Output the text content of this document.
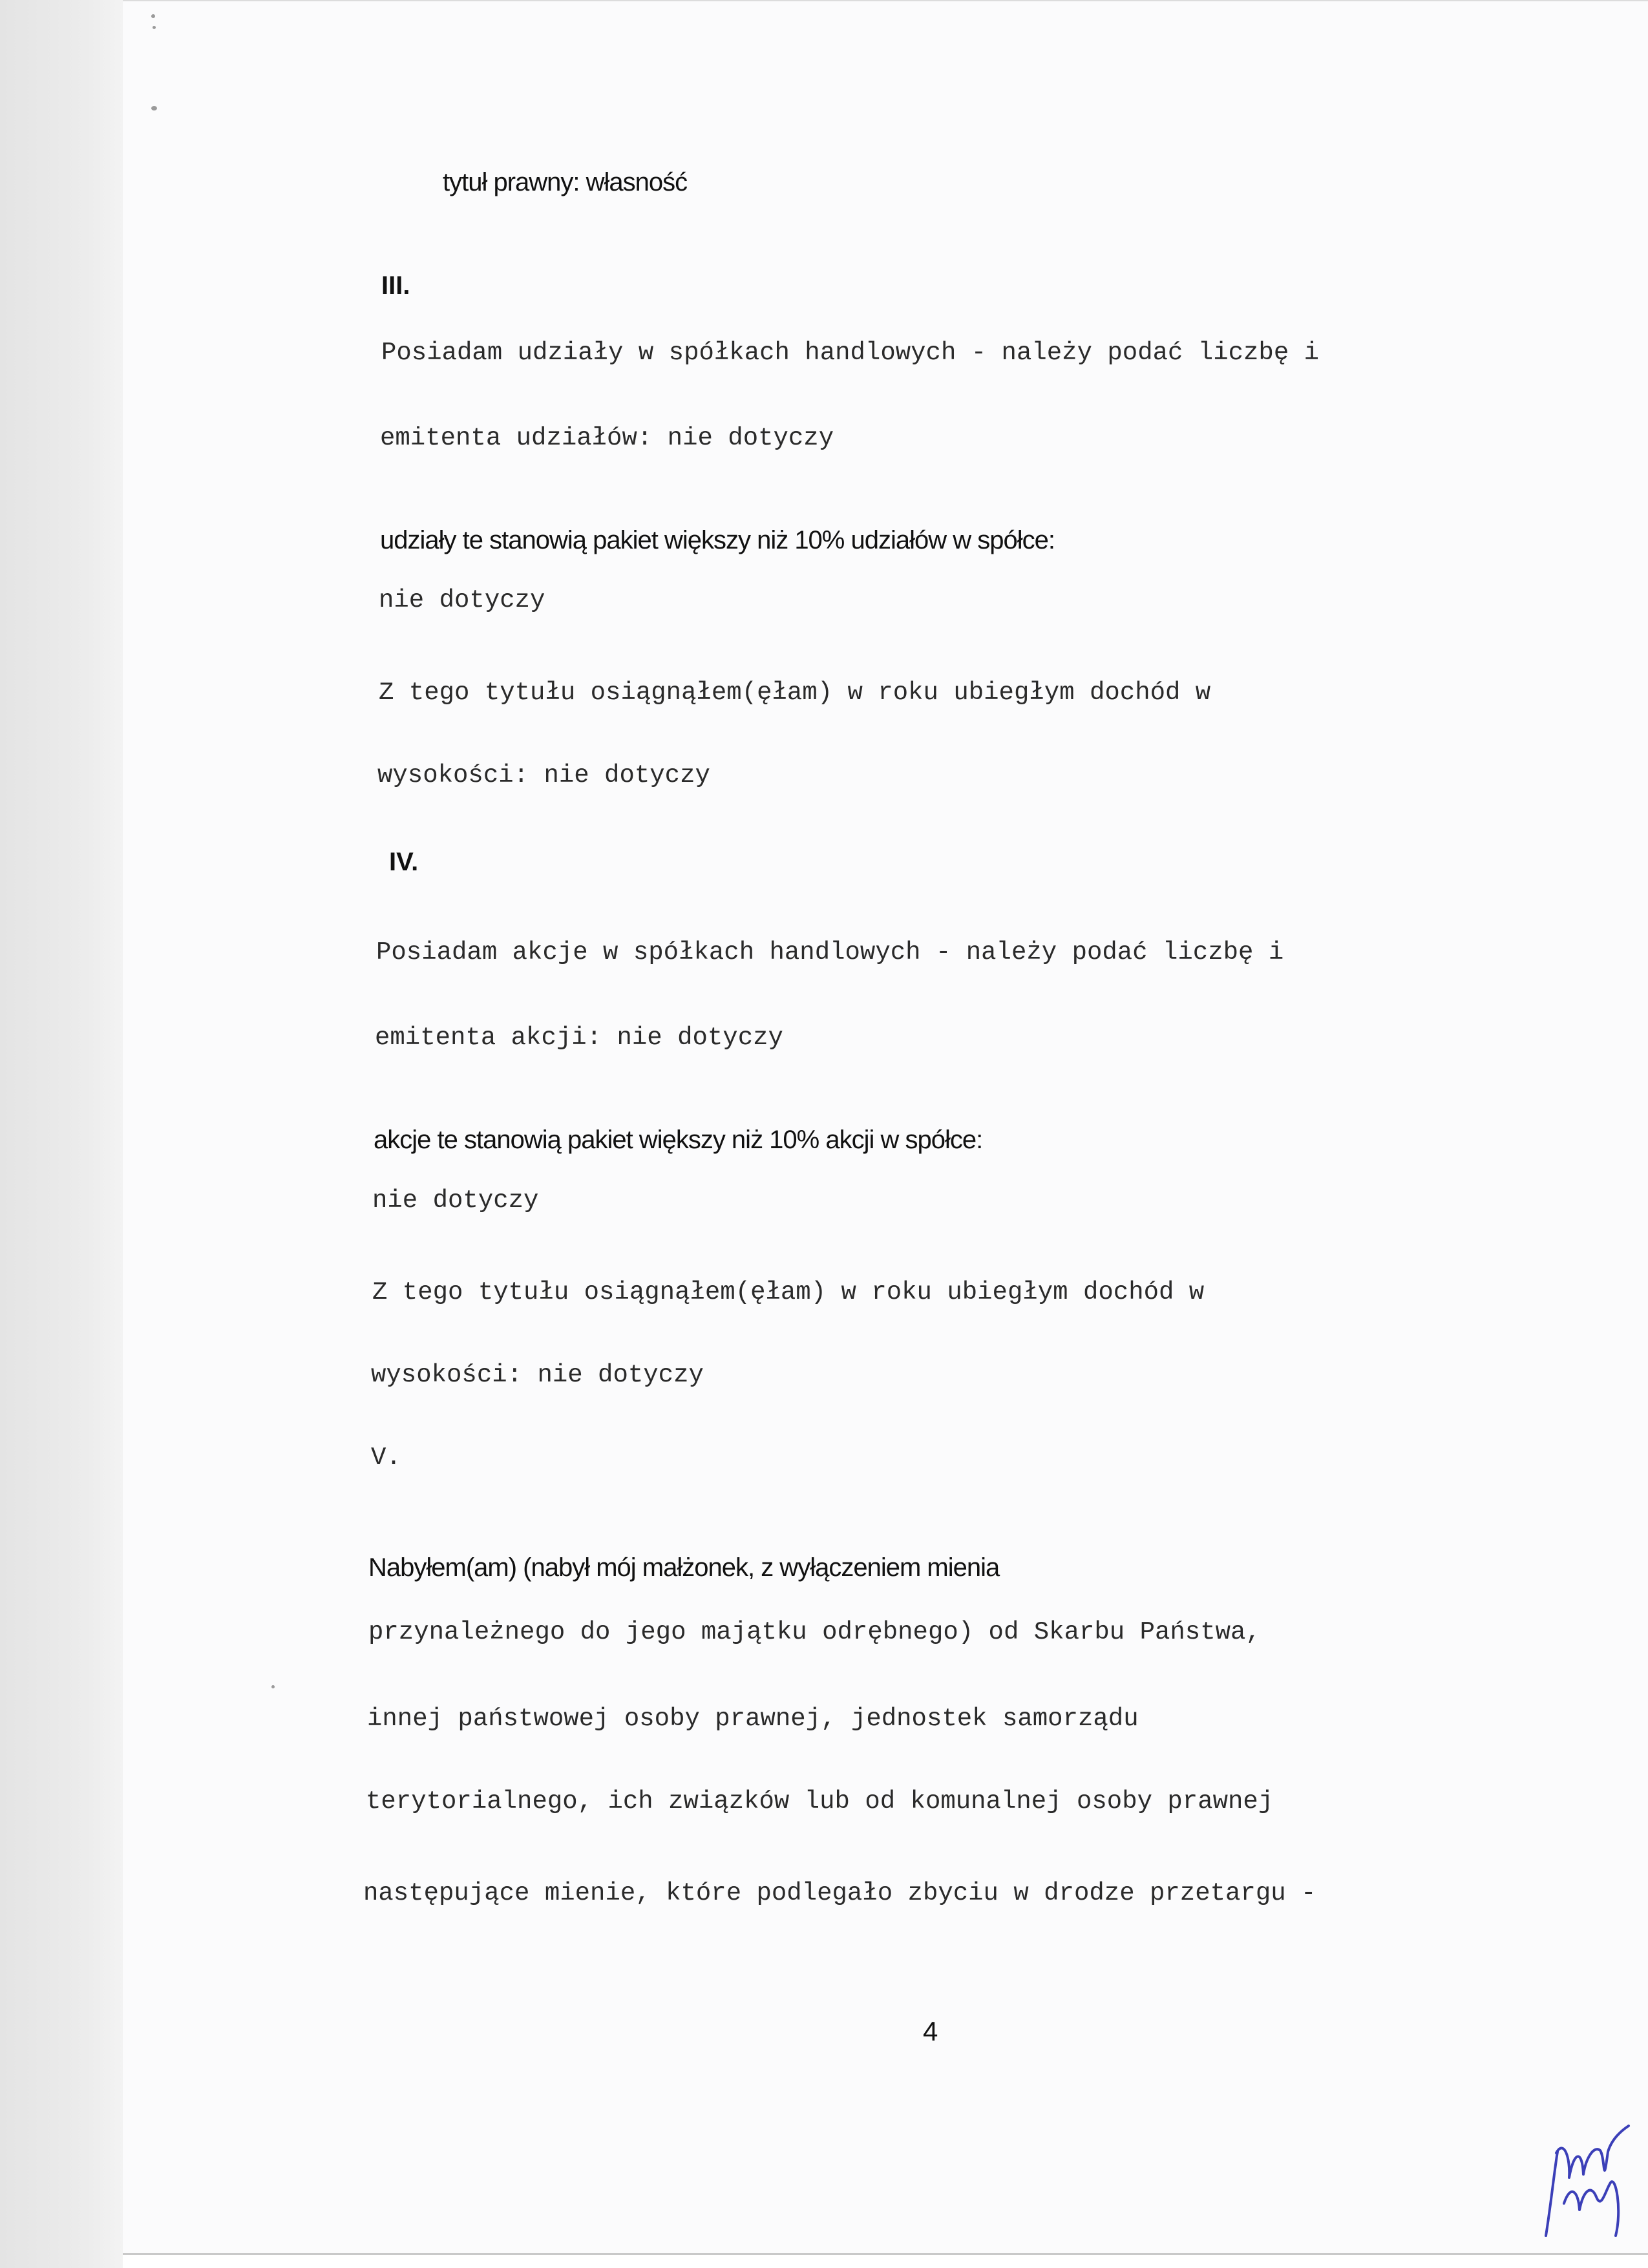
tytuł prawny: własność
III.
Posiadam udziały w spółkach handlowych - należy podać liczbę i
emitenta udziałów: nie dotyczy
udziały te stanowią pakiet większy niż 10% udziałów w spółce:
nie dotyczy
Z tego tytułu osiągnąłem(ęłam) w roku ubiegłym dochód w
wysokości: nie dotyczy
IV.
Posiadam akcje w spółkach handlowych - należy podać liczbę i
emitenta akcji: nie dotyczy
akcje te stanowią pakiet większy niż 10% akcji w spółce:
nie dotyczy
Z tego tytułu osiągnąłem(ęłam) w roku ubiegłym dochód w
wysokości: nie dotyczy
V.
Nabyłem(am) (nabył mój małżonek, z wyłączeniem mienia
przynależnego do jego majątku odrębnego) od Skarbu Państwa,
innej państwowej osoby prawnej, jednostek samorządu
terytorialnego, ich związków lub od komunalnej osoby prawnej
następujące mienie, które podlegało zbyciu w drodze przetargu -
4
